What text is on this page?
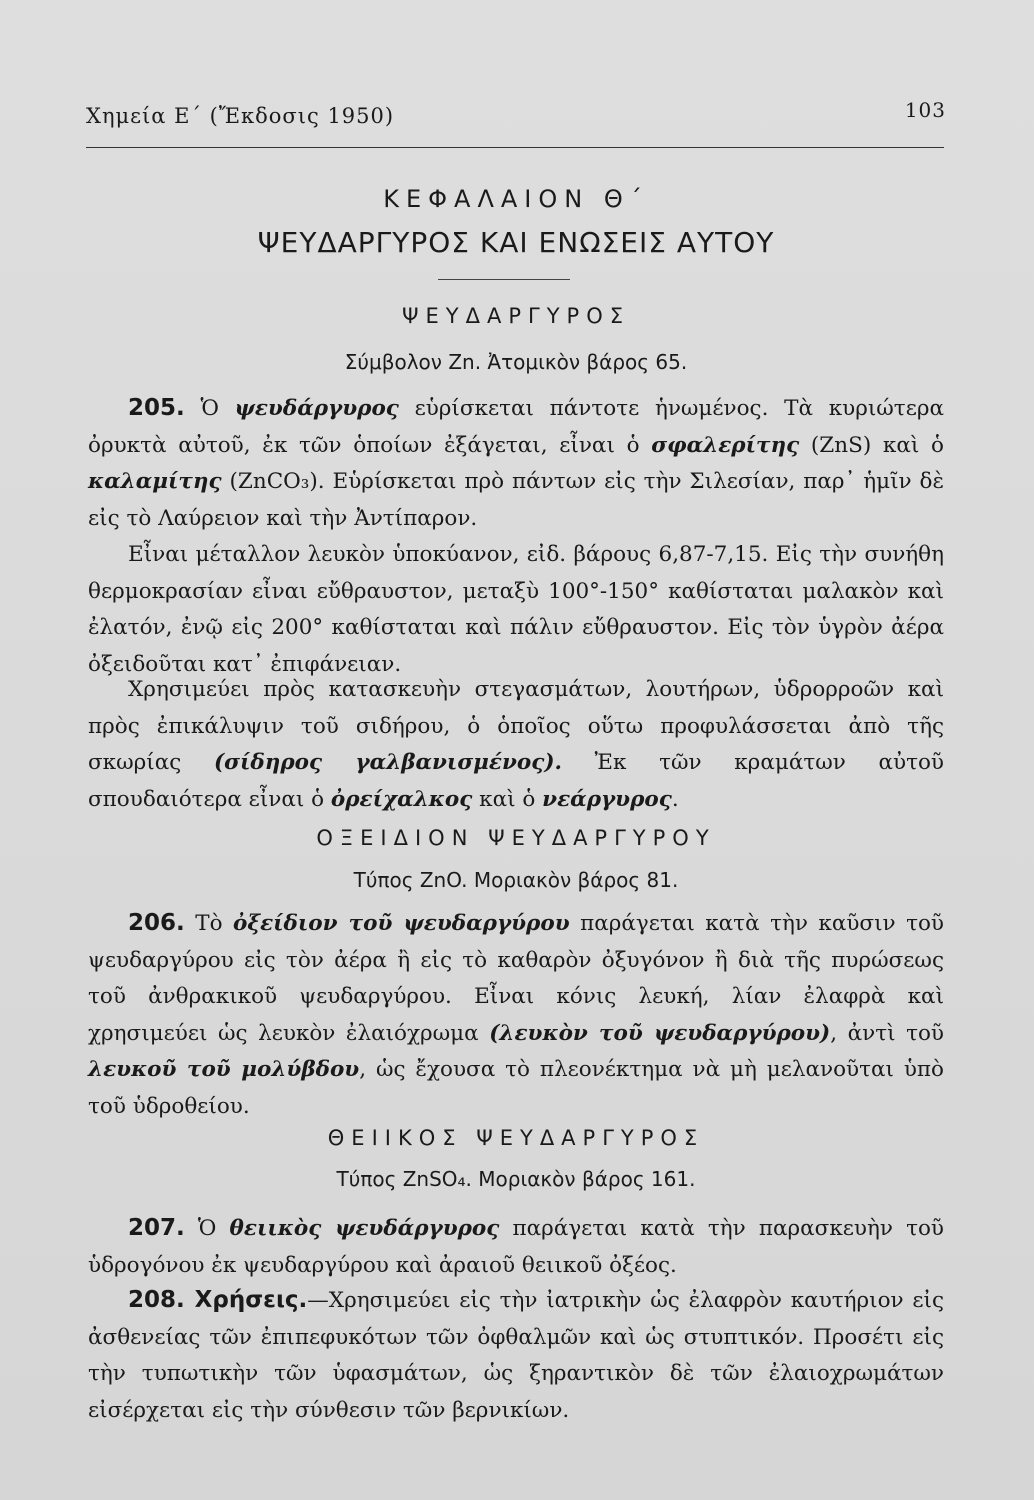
Χημεία Ε´ (Ἔκδοσις 1950)	103
ΚΕΦΑΛΑΙΟΝ Θ´
ΨΕΥΔΑΡΓΥΡΟΣ ΚΑΙ ΕΝΩΣΕΙΣ ΑΥΤΟΥ
ΨΕΥΔΑΡΓΥΡΟΣ
Σύμβολον Zn. Ἀτομικὸν βάρος 65.

205. Ὁ ψευδάργυρος εὑρίσκεται πάντοτε ἡνωμένος. Τὰ κυριώτερα ὀρυκτὰ αὐτοῦ, ἐκ τῶν ὁποίων ἐξάγεται, εἶναι ὁ σφαλερίτης (ZnS) καὶ ὁ καλαμίτης (ZnCO₃). Εὑρίσκεται πρὸ πάντων εἰς τὴν Σιλεσίαν, παρ᾿ ἡμῖν δὲ εἰς τὸ Λαύρειον καὶ τὴν Ἀντίπαρον.

Εἶναι μέταλλον λευκὸν ὑποκύανον, εἰδ. βάρους 6,87-7,15. Εἰς τὴν συνήθη θερμοκρασίαν εἶναι εὔθραυστον, μεταξὺ 100°-150° καθίσταται μαλακὸν καὶ ἐλατόν, ἐνῷ εἰς 200° καθίσταται καὶ πάλιν εὔθραυστον. Εἰς τὸν ὑγρὸν ἀέρα ὀξειδοῦται κατ᾿ ἐπιφάνειαν.

Χρησιμεύει πρὸς κατασκευὴν στεγασμάτων, λουτήρων, ὑδρορροῶν καὶ πρὸς ἐπικάλυψιν τοῦ σιδήρου, ὁ ὁποῖος οὕτω προφυλάσσεται ἀπὸ τῆς σκωρίας (σίδηρος γαλβανισμένος). Ἐκ τῶν κραμάτων αὐτοῦ σπουδαιότερα εἶναι ὁ ὀρείχαλκος καὶ ὁ νεάργυρος.

ΟΞΕΙΔΙΟΝ ΨΕΥΔΑΡΓΥΡΟΥ
Τύπος ZnO. Μοριακὸν βάρος 81.

206. Τὸ ὀξείδιον τοῦ ψευδαργύρου παράγεται κατὰ τὴν καῦσιν τοῦ ψευδαργύρου εἰς τὸν ἀέρα ἢ εἰς τὸ καθαρὸν ὀξυγόνον ἢ διὰ τῆς πυρώσεως τοῦ ἀνθρακικοῦ ψευδαργύρου. Εἶναι κόνις λευκή, λίαν ἐλαφρὰ καὶ χρησιμεύει ὡς λευκὸν ἐλαιόχρωμα (λευκὸν τοῦ ψευδαργύρου), ἀντὶ τοῦ λευκοῦ τοῦ μολύβδου, ὡς ἔχουσα τὸ πλεονέκτημα νὰ μὴ μελανοῦται ὑπὸ τοῦ ὑδροθείου.

ΘΕΙΙΚΟΣ ΨΕΥΔΑΡΓΥΡΟΣ
Τύπος ZnSO₄. Μοριακὸν βάρος 161.

207. Ὁ θειικὸς ψευδάργυρος παράγεται κατὰ τὴν παρασκευὴν τοῦ ὑδρογόνου ἐκ ψευδαργύρου καὶ ἀραιοῦ θειικοῦ ὀξέος.

208. Χρήσεις.—Χρησιμεύει εἰς τὴν ἰατρικὴν ὡς ἐλαφρὸν καυτήριον εἰς ἀσθενείας τῶν ἐπιπεφυκότων τῶν ὀφθαλμῶν καὶ ὡς στυπτικόν. Προσέτι εἰς τὴν τυπωτικὴν τῶν ὑφασμάτων, ὡς ξηραντικὸν δὲ τῶν ἐλαιοχρωμάτων εἰσέρχεται εἰς τὴν σύνθεσιν τῶν βερνικίων.
